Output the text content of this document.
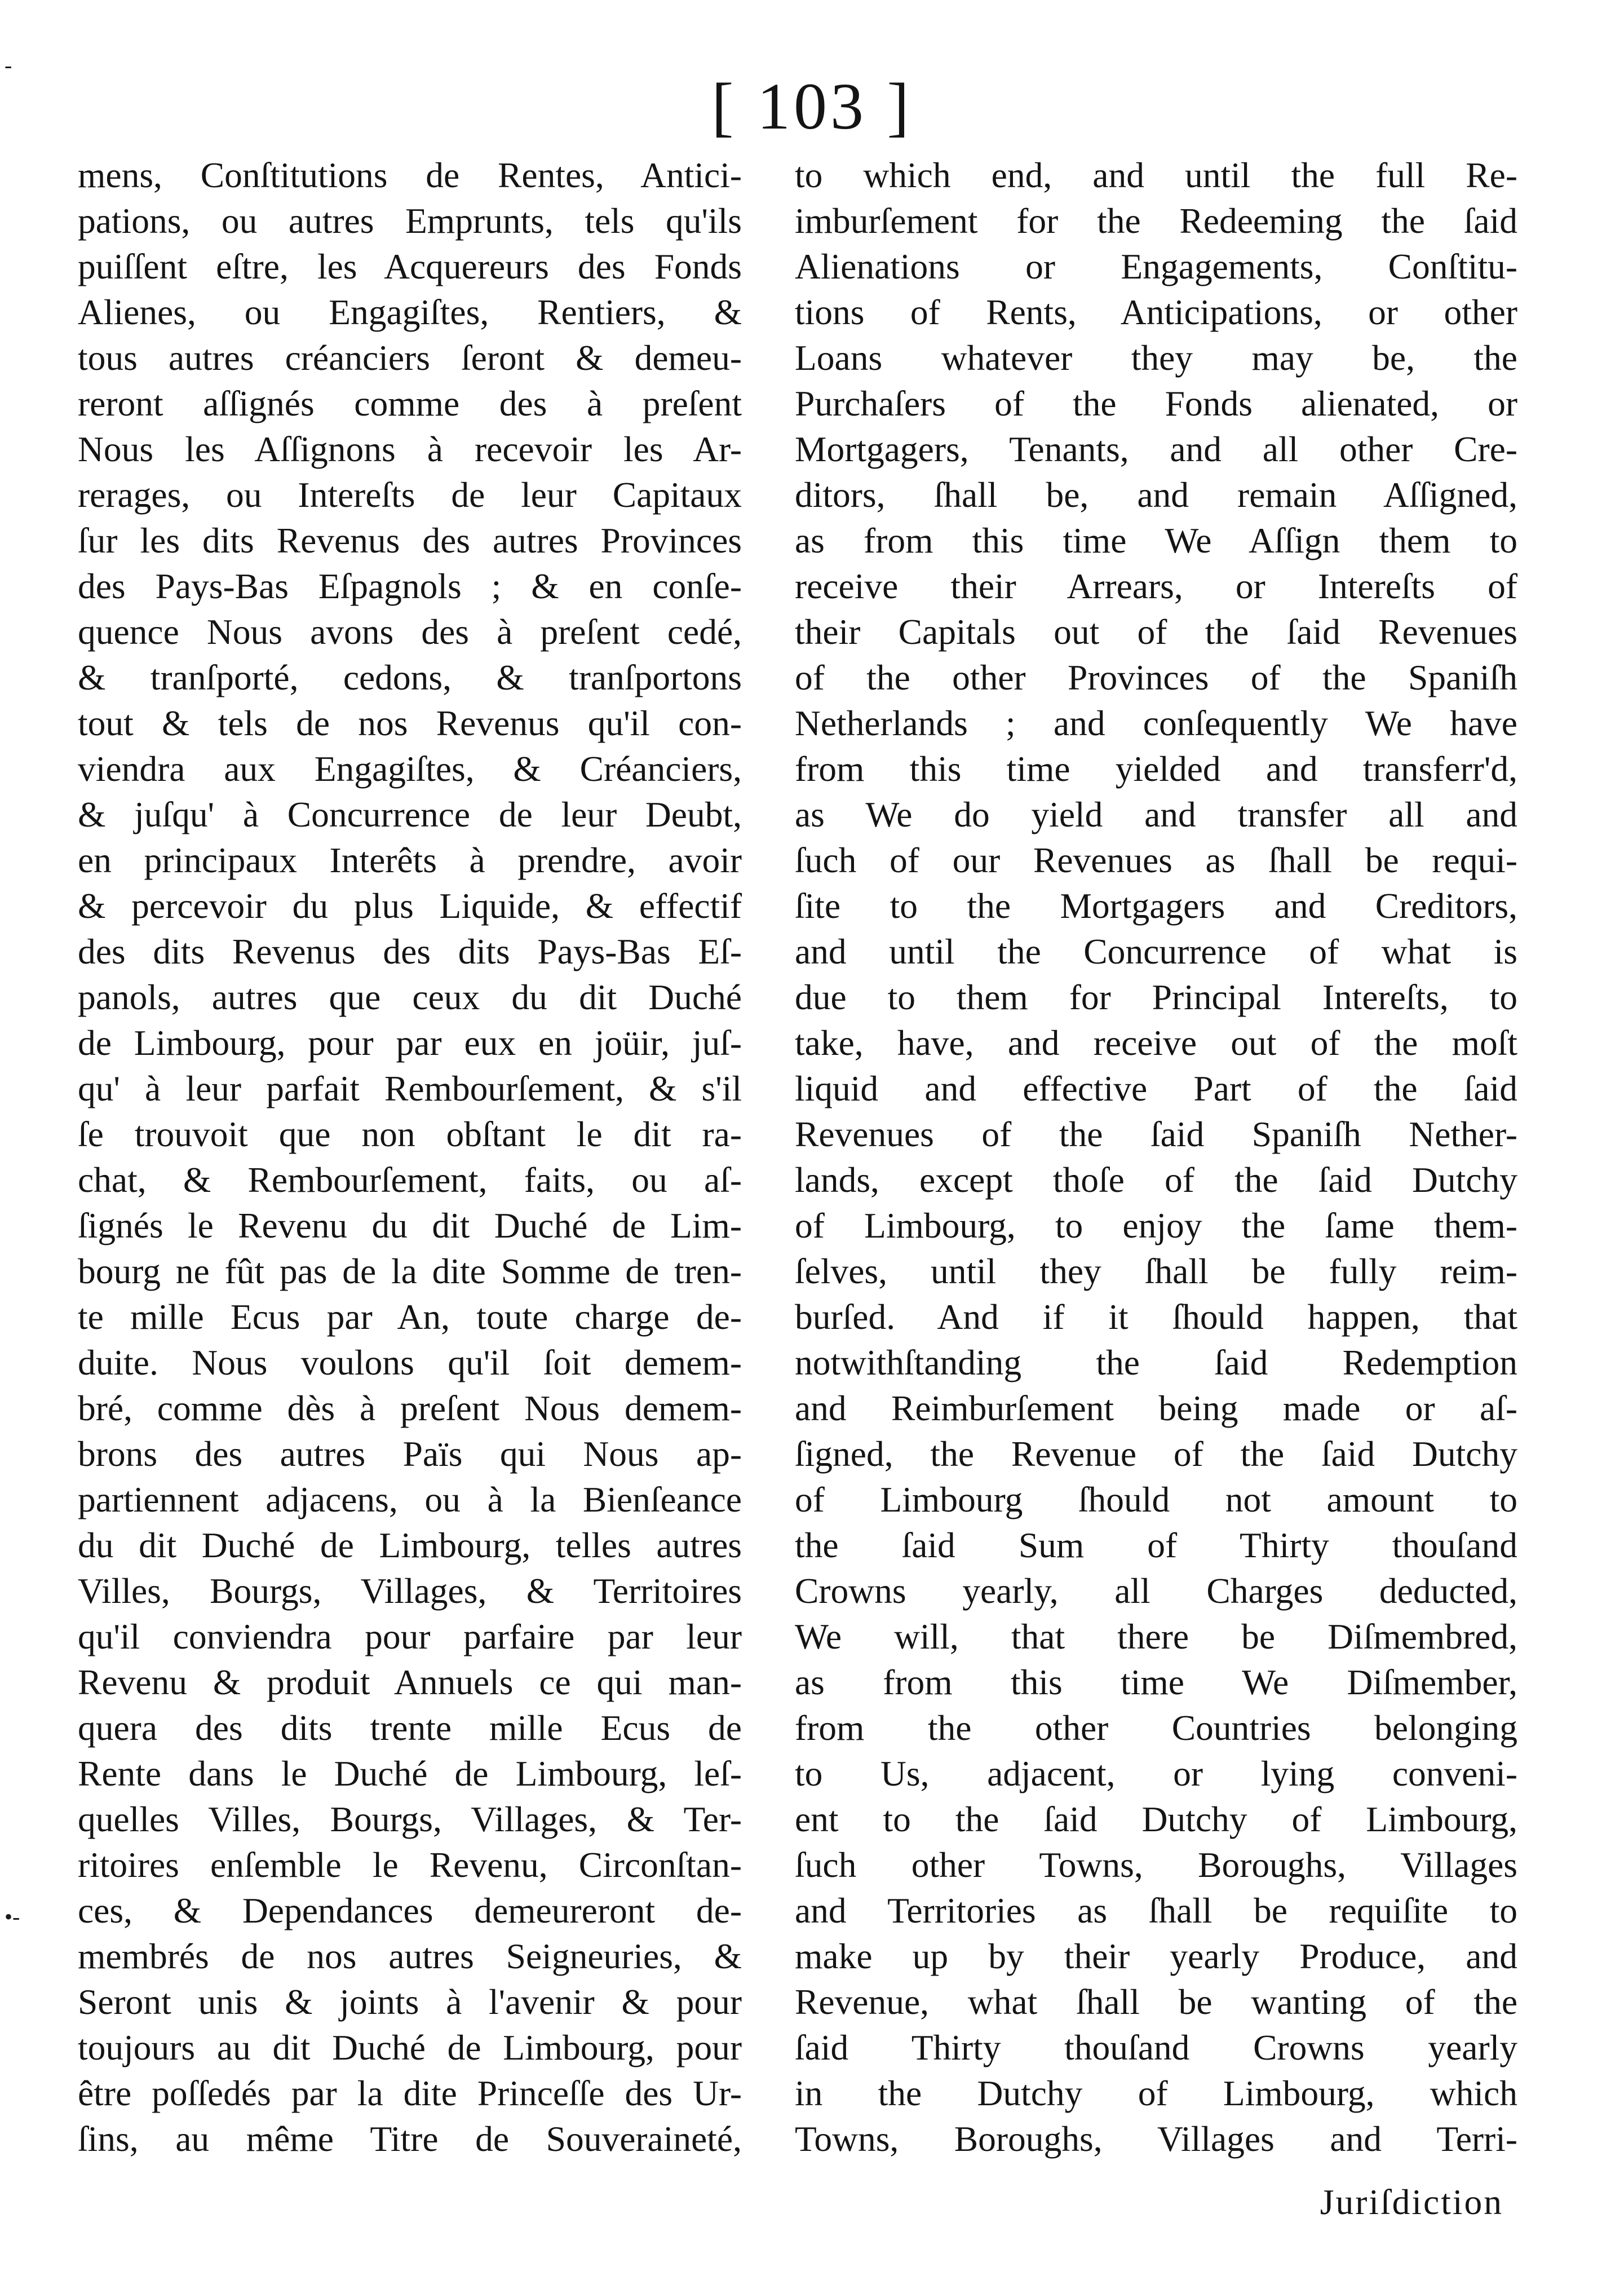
-
•-
[ 103 ]
mens, Conſtitutions de Rentes, Antici-
pations, ou autres Emprunts, tels qu'ils
puiſſent eſtre, les Acquereurs des Fonds
Alienes, ou Engagiſtes, Rentiers, &
tous autres créanciers ſeront & demeu-
reront aſſignés comme des à preſent
Nous les Aſſignons à recevoir les Ar-
rerages, ou Intereſts de leur Capitaux
ſur les dits Revenus des autres Provinces
des Pays-Bas Eſpagnols ; & en conſe-
quence Nous avons des à preſent cedé,
& tranſporté, cedons, & tranſportons
tout & tels de nos Revenus qu'il con-
viendra aux Engagiſtes, & Créanciers,
& juſqu' à Concurrence de leur Deubt,
en principaux Interêts à prendre, avoir
& percevoir du plus Liquide, & effectif
des dits Revenus des dits Pays-Bas Eſ-
panols, autres que ceux du dit Duché
de Limbourg, pour par eux en joüir, juſ-
qu' à leur parfait Rembourſement, & s'il
ſe trouvoit que non obſtant le dit ra-
chat, & Rembourſement, faits, ou aſ-
ſignés le Revenu du dit Duché de Lim-
bourg ne fût pas de la dite Somme de tren-
te mille Ecus par An, toute charge de-
duite. Nous voulons qu'il ſoit demem-
bré, comme dès à preſent Nous demem-
brons des autres Païs qui Nous ap-
partiennent adjacens, ou à la Bienſeance
du dit Duché de Limbourg, telles autres
Villes, Bourgs, Villages, & Territoires
qu'il conviendra pour parfaire par leur
Revenu & produit Annuels ce qui man-
quera des dits trente mille Ecus de
Rente dans le Duché de Limbourg, leſ-
quelles Villes, Bourgs, Villages, & Ter-
ritoires enſemble le Revenu, Circonſtan-
ces, & Dependances demeureront de-
membrés de nos autres Seigneuries, &
Seront unis & joints à l'avenir & pour
toujours au dit Duché de Limbourg, pour
être poſſedés par la dite Princeſſe des Ur-
ſins, au même Titre de Souveraineté,
to which end, and until the full Re-
imburſement for the Redeeming the ſaid
Alienations or Engagements, Conſtitu-
tions of Rents, Anticipations, or other
Loans whatever they may be, the
Purchaſers of the Fonds alienated, or
Mortgagers, Tenants, and all other Cre-
ditors, ſhall be, and remain Aſſigned,
as from this time We Aſſign them to
receive their Arrears, or Intereſts of
their Capitals out of the ſaid Revenues
of the other Provinces of the Spaniſh
Netherlands ; and conſequently We have
from this time yielded and transferr'd,
as We do yield and transfer all and
ſuch of our Revenues as ſhall be requi-
ſite to the Mortgagers and Creditors,
and until the Concurrence of what is
due to them for Principal Intereſts, to
take, have, and receive out of the moſt
liquid and effective Part of the ſaid
Revenues of the ſaid Spaniſh Nether-
lands, except thoſe of the ſaid Dutchy
of Limbourg, to enjoy the ſame them-
ſelves, until they ſhall be fully reim-
burſed. And if it ſhould happen, that
notwithſtanding the ſaid Redemption
and Reimburſement being made or aſ-
ſigned, the Revenue of the ſaid Dutchy
of Limbourg ſhould not amount to
the ſaid Sum of Thirty thouſand
Crowns yearly, all Charges deducted,
We will, that there be Diſmembred,
as from this time We Diſmember,
from the other Countries belonging
to Us, adjacent, or lying conveni-
ent to the ſaid Dutchy of Limbourg,
ſuch other Towns, Boroughs, Villages
and Territories as ſhall be requiſite to
make up by their yearly Produce, and
Revenue, what ſhall be wanting of the
ſaid Thirty thouſand Crowns yearly
in the Dutchy of Limbourg, which
Towns, Boroughs, Villages and Terri-
Juriſdiction
